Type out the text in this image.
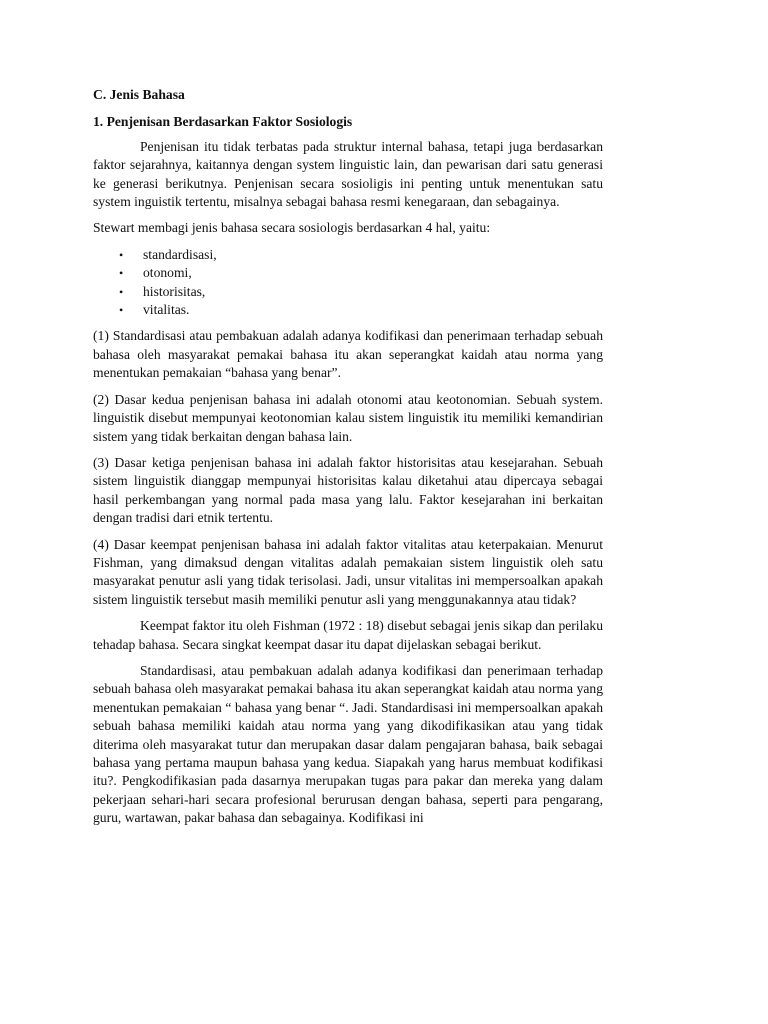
C. Jenis Bahasa
1. Penjenisan Berdasarkan Faktor Sosiologis

Penjenisan itu tidak terbatas pada struktur internal bahasa, tetapi juga berdasarkan faktor sejarahnya, kaitannya dengan system linguistic lain, dan pewarisan dari satu generasi ke generasi berikutnya. Penjenisan secara sosioligis ini penting untuk menentukan satu system inguistik tertentu, misalnya sebagai bahasa resmi kenegaraan, dan sebagainya.

Stewart membagi jenis bahasa secara sosiologis berdasarkan 4 hal, yaitu:

• standardisasi,
• otonomi,
• historisitas,
• vitalitas.

(1) Standardisasi atau pembakuan adalah adanya kodifikasi dan penerimaan terhadap sebuah bahasa oleh masyarakat pemakai bahasa itu akan seperangkat kaidah atau norma yang menentukan pemakaian “bahasa yang benar”.

(2) Dasar kedua penjenisan bahasa ini adalah otonomi atau keotonomian. Sebuah system. linguistik disebut mempunyai keotonomian kalau sistem linguistik itu memiliki kemandirian sistem yang tidak berkaitan dengan bahasa lain.

(3) Dasar ketiga penjenisan bahasa ini adalah faktor historisitas atau kesejarahan. Sebuah sistem linguistik dianggap mempunyai historisitas kalau diketahui atau dipercaya sebagai hasil perkembangan yang normal pada masa yang lalu. Faktor kesejarahan ini berkaitan dengan tradisi dari etnik tertentu.

(4) Dasar keempat penjenisan bahasa ini adalah faktor vitalitas atau keterpakaian. Menurut Fishman, yang dimaksud dengan vitalitas adalah pemakaian sistem linguistik oleh satu masyarakat penutur asli yang tidak terisolasi. Jadi, unsur vitalitas ini mempersoalkan apakah sistem linguistik tersebut masih memiliki penutur asli yang menggunakannya atau tidak?

Keempat faktor itu oleh Fishman (1972 : 18) disebut sebagai jenis sikap dan perilaku tehadap bahasa. Secara singkat keempat dasar itu dapat dijelaskan sebagai berikut.

Standardisasi, atau pembakuan adalah adanya kodifikasi dan penerimaan terhadap sebuah bahasa oleh masyarakat pemakai bahasa itu akan seperangkat kaidah atau norma yang menentukan pemakaian “ bahasa yang benar “. Jadi. Standardisasi ini mempersoalkan apakah sebuah bahasa memiliki kaidah atau norma yang yang dikodifikasikan atau yang tidak diterima oleh masyarakat tutur dan merupakan dasar dalam pengajaran bahasa, baik sebagai bahasa yang pertama maupun bahasa yang kedua. Siapakah yang harus membuat kodifikasi itu?. Pengkodifikasian pada dasarnya merupakan tugas para pakar dan mereka yang dalam pekerjaan sehari-hari secara profesional berurusan dengan bahasa, seperti para pengarang, guru, wartawan, pakar bahasa dan sebagainya. Kodifikasi ini
